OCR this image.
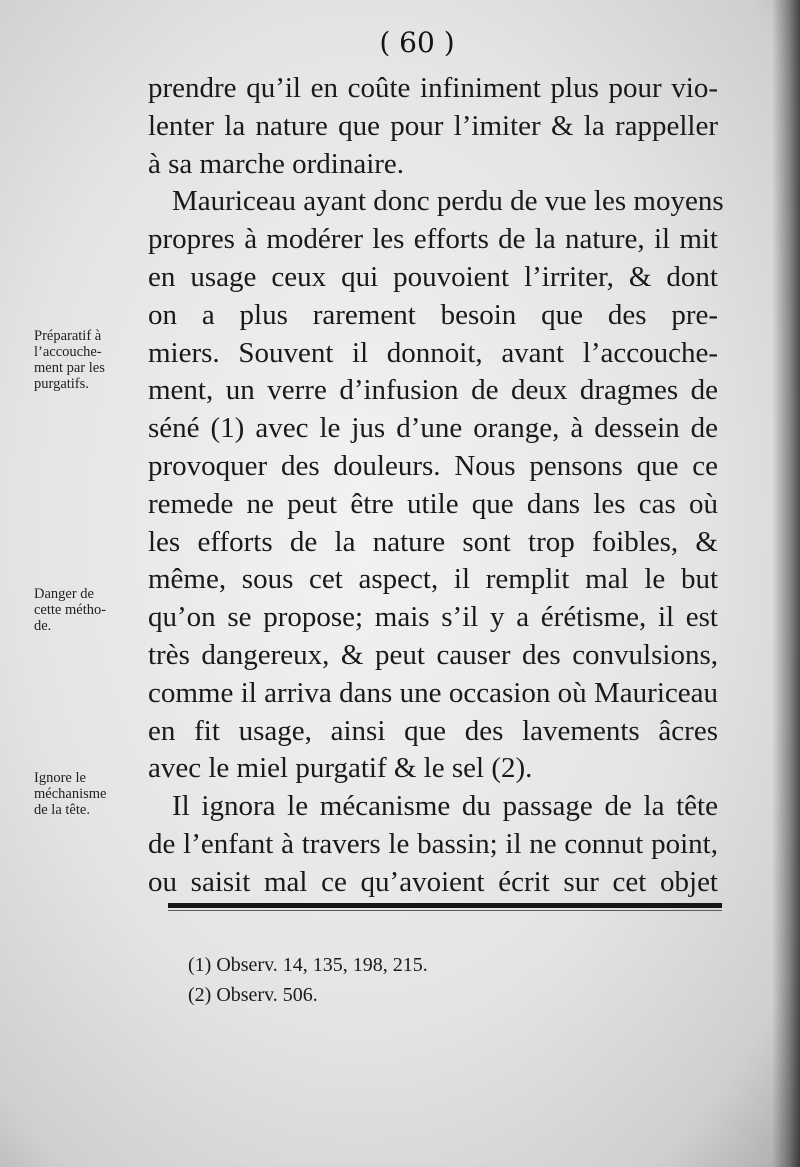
( 60 )
prendre qu’il en coûte infiniment plus pour vio-
lenter la nature que pour l’imiter & la rappeller
à sa marche ordinaire.
Mauriceau ayant donc perdu de vue les moyens
propres à modérer les efforts de la nature, il mit
en usage ceux qui pouvoient l’irriter, & dont
on a plus rarement besoin que des pre-
miers. Souvent il donnoit, avant l’accouche-
ment, un verre d’infusion de deux dragmes de
séné (1) avec le jus d’une orange, à dessein de
provoquer des douleurs. Nous pensons que ce
remede ne peut être utile que dans les cas où
les efforts de la nature sont trop foibles, &
même, sous cet aspect, il remplit mal le but
qu’on se propose; mais s’il y a érétisme, il est
très dangereux, & peut causer des convulsions,
comme il arriva dans une occasion où Mauriceau
en fit usage, ainsi que des lavements âcres
avec le miel purgatif & le sel (2).
Il ignora le mécanisme du passage de la tête
de l’enfant à travers le bassin; il ne connut point,
ou saisit mal ce qu’avoient écrit sur cet objet
Préparatif à
l’accouche-
ment par les
purgatifs.
Danger de
cette métho-
de.
Ignore le
méchanisme
de la tête.
(1) Observ. 14, 135, 198, 215.
(2) Observ. 506.
